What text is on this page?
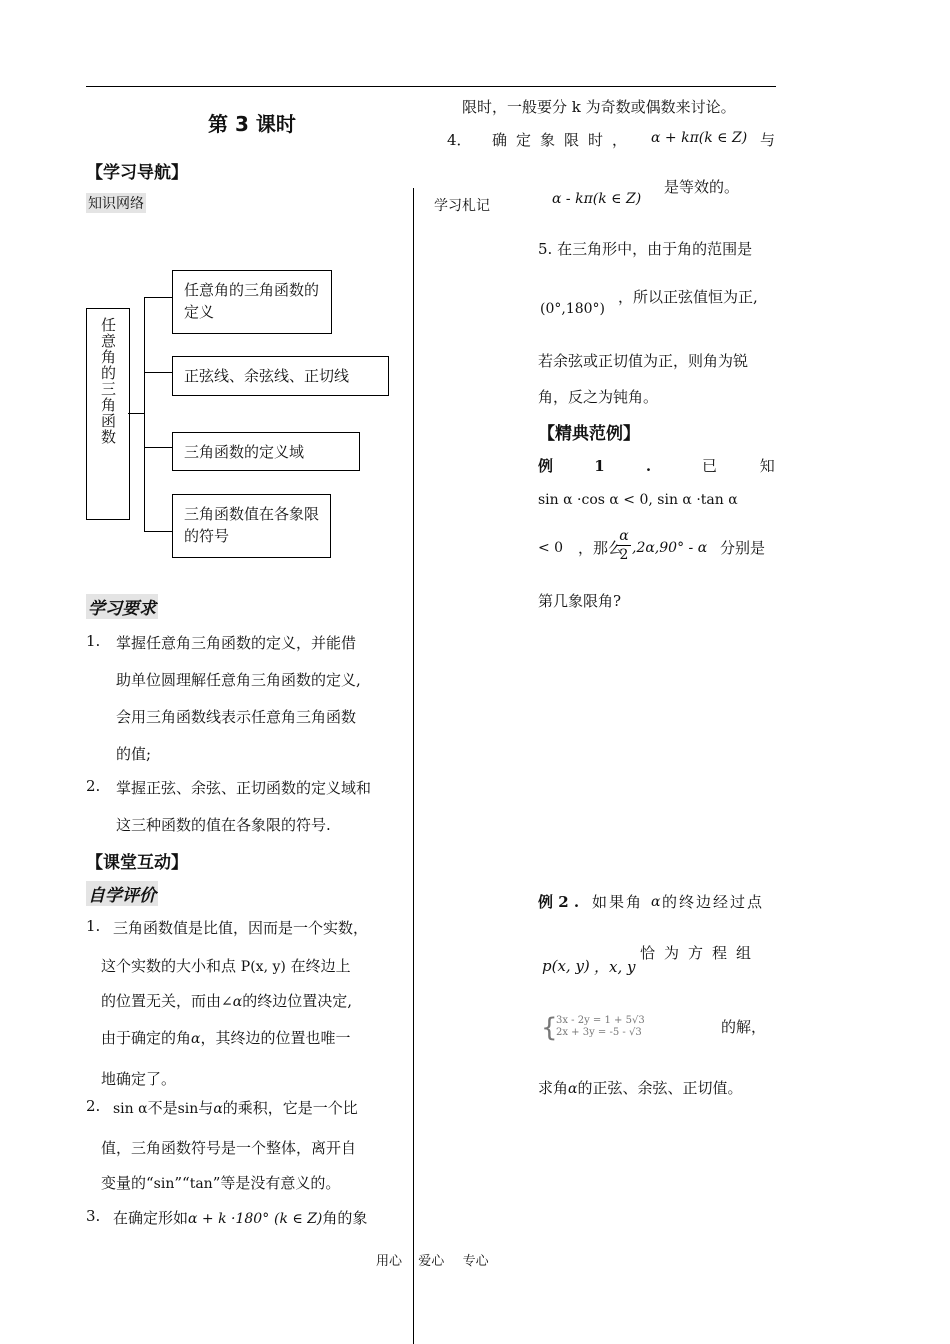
第 3 课时
【学习导航】
知识网络
任意角的三角函数
任意角的三角函数的定义
正弦线、余弦线、正切线
三角函数的定义域
三角函数值在各象限的符号
学习要求
1. 掌握任意角三角函数的定义，并能借
助单位圆理解任意角三角函数的定义,
会用三角函数线表示任意角三角函数
的值;
2. 掌握正弦、余弦、正切函数的定义域和
这三种函数的值在各象限的符号.
【课堂互动】
自学评价
1. 三角函数值是比值，因而是一个实数，
这个实数的大小和点 P(x, y) 在终边上
的位置无关，而由∠α的终边位置决定,
由于确定的角α，其终边的位置也唯一
地确定了。
2. sin α不是sin与α的乘积，它是一个比
值，三角函数符号是一个整体，离开自
变量的“sin”“tan”等是没有意义的。
3. 在确定形如α + k ·180° (k ∈ Z)角的象
限时，一般要分 k 为奇数或偶数来讨论。
4． 确定象限时， α + kπ(k ∈ Z) 与
α - kπ(k ∈ Z)
是等效的。
学习札记
5. 在三角形中，由于角的范围是
(0°,180°)
，所以正弦值恒为正,
若余弦或正切值为正，则角为锐
角，反之为钝角。
【精典范例】
例 1 .	已 知
sin α ·cos α < 0, sin α ·tan α
< 0 ，那么
$\frac{\alpha}{2} ,2\alpha,90^\circ$ - α 分别是
第几象限角?
例 2 . 如果角 α 的终边经过点
p(x, y) ，x, y
恰为方程组
{
3x - 2y = 1 + 5√3
2x + 3y = -5 - √3	的解，
求角α的正弦、余弦、正切值。
用心 爱心 专心
